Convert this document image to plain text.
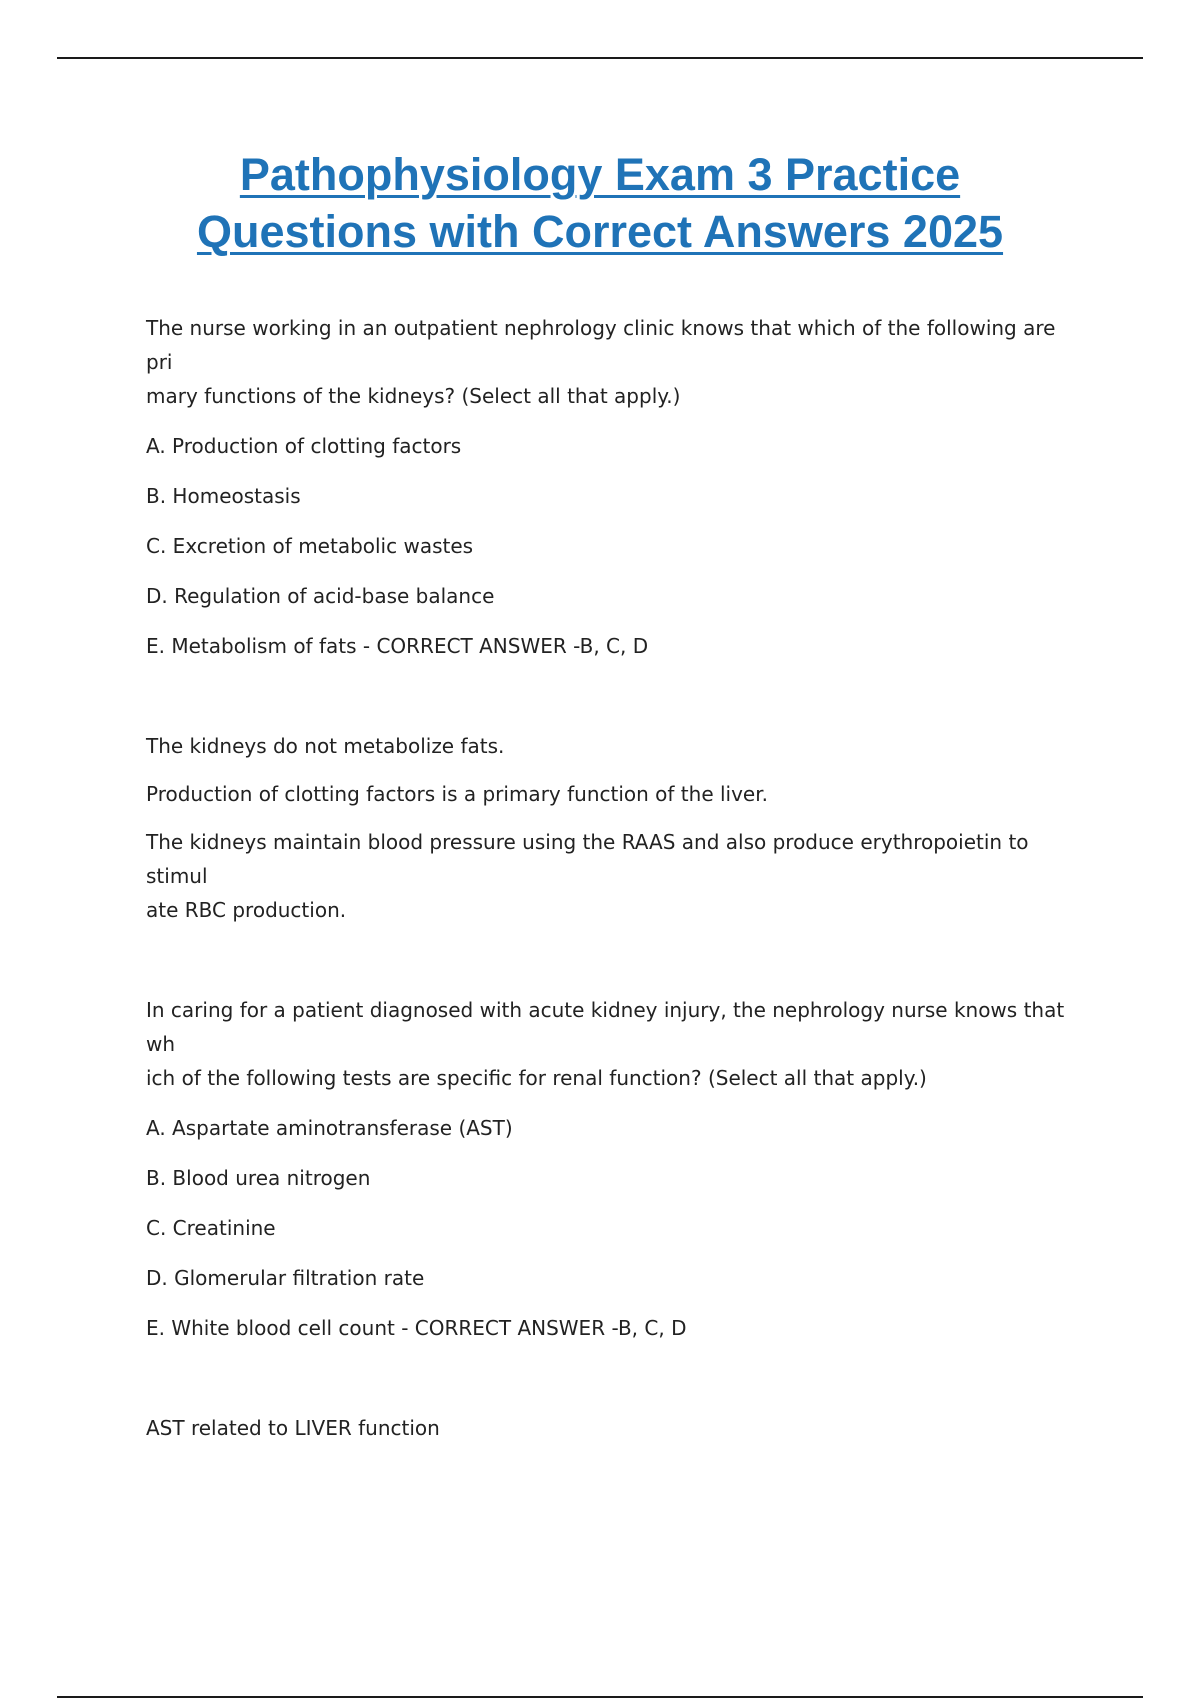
Pathophysiology Exam 3 Practice
Questions with Correct Answers 2025

The nurse working in an outpatient nephrology clinic knows that which of the following are pri
mary functions of the kidneys? (Select all that apply.)

A. Production of clotting factors

B. Homeostasis

C. Excretion of metabolic wastes

D. Regulation of acid-base balance

E. Metabolism of fats - CORRECT ANSWER -B, C, D

The kidneys do not metabolize fats.

Production of clotting factors is a primary function of the liver.

The kidneys maintain blood pressure using the RAAS and also produce erythropoietin to stimul
ate RBC production.

In caring for a patient diagnosed with acute kidney injury, the nephrology nurse knows that wh
ich of the following tests are specific for renal function? (Select all that apply.)

A. Aspartate aminotransferase (AST)

B. Blood urea nitrogen

C. Creatinine

D. Glomerular filtration rate

E. White blood cell count - CORRECT ANSWER -B, C, D

AST related to LIVER function
